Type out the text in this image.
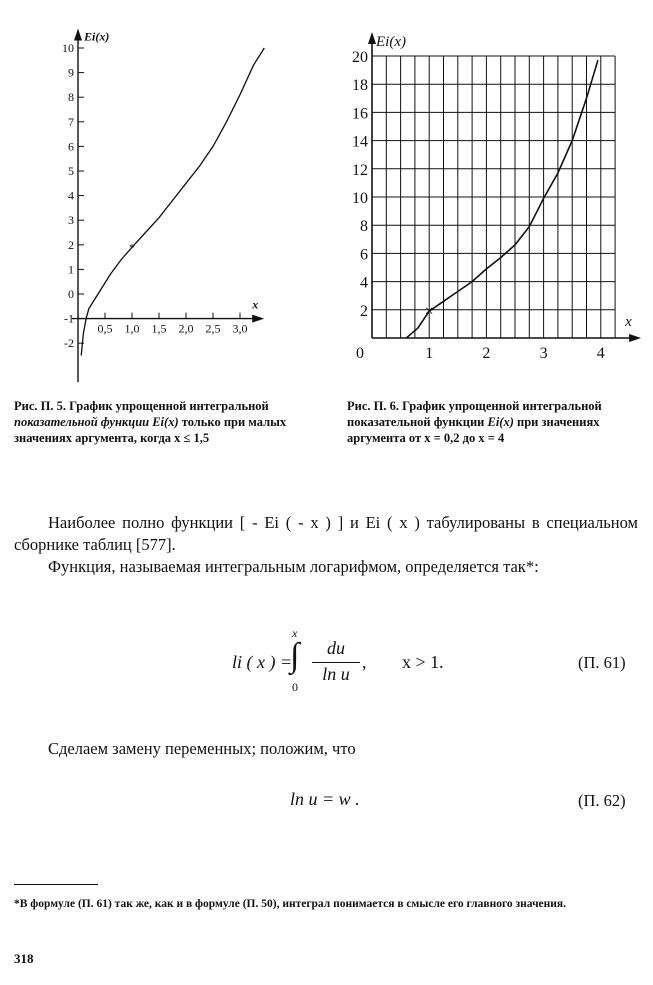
Ei(x)
x
10
9
8
7
6
5
4
3
2
1
0
-1
-2
0,5 1,0 1,5 2,0 2,5 3,0
*
Ei(x)
x
20
18
16
14
12
10
8
6
4
2
0	1	2	3	4
×
Рис. П. 5. График упрощенной интегральной показательной функции Ei(x) только при малых значениях аргумента, когда x ≤ 1,5
Рис. П. 6. График упрощенной интегральной показательной функции Ei(x) при значениях аргумента от x = 0,2 до x = 4
Наиболее полно функции [ - Ei ( - x ) ] и Ei ( x ) табулированы в специальном сборнике таблиц [577].
Функция, называемая интегральным логарифмом, определяется так*:
li ( x ) =
∫
x
0
du
ln u
, x > 1.	(П. 61)
Сделаем замену переменных; положим, что
ln u = w .	(П. 62)
*В формуле (П. 61) так же, как и в формуле (П. 50), интеграл понимается в смысле его главного значения.
318
